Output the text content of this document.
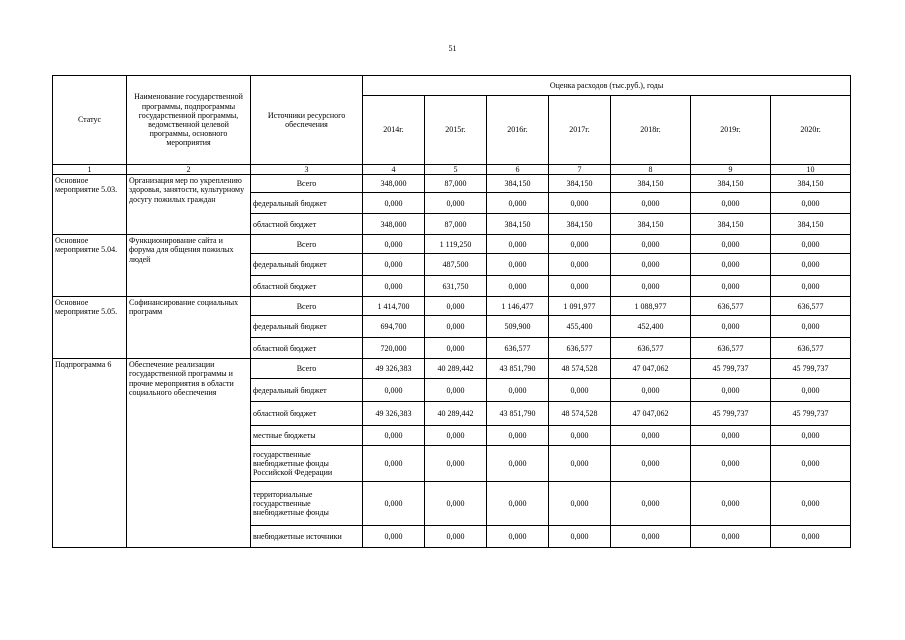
51
Статус	Наименование государственной программы, подпрограммы государственной программы, ведомственной целевой программы, основного мероприятия	Источники ресурсного обеспечения	Оценка расходов (тыс.руб.), годы						
			2014г.	2015г.	2016г.	2017г.	2018г.	2019г.	2020г.
1	2	3	4	5	6	7	8	9	10
Основное мероприятие 5.03.	Организация мер по укреплению здоровья, занятости, культурному досугу пожилых граждан	Всего	348,000	87,000	384,150	384,150	384,150	384,150	384,150
		федеральный бюджет	0,000	0,000	0,000	0,000	0,000	0,000	0,000
		областной бюджет	348,000	87,000	384,150	384,150	384,150	384,150	384,150
Основное мероприятие 5.04.	Функционирование сайта и форума для общения пожилых людей	Всего	0,000	1 119,250	0,000	0,000	0,000	0,000	0,000
		федеральный бюджет	0,000	487,500	0,000	0,000	0,000	0,000	0,000
		областной бюджет	0,000	631,750	0,000	0,000	0,000	0,000	0,000
Основное мероприятие 5.05.	Софинансирование социальных программ	Всего	1 414,700	0,000	1 146,477	1 091,977	1 088,977	636,577	636,577
		федеральный бюджет	694,700	0,000	509,900	455,400	452,400	0,000	0,000
		областной бюджет	720,000	0,000	636,577	636,577	636,577	636,577	636,577
Подпрограмма 6	Обеспечение реализации государственной программы и прочие мероприятия в области социального обеспечения	Всего	49 326,383	40 289,442	43 851,790	48 574,528	47 047,062	45 799,737	45 799,737
		федеральный бюджет	0,000	0,000	0,000	0,000	0,000	0,000	0,000
		областной бюджет	49 326,383	40 289,442	43 851,790	48 574,528	47 047,062	45 799,737	45 799,737
		местные бюджеты	0,000	0,000	0,000	0,000	0,000	0,000	0,000
		государственные внебюджетные фонды Российской Федерации	0,000	0,000	0,000	0,000	0,000	0,000	0,000
		территориальные государственные внебюджетные фонды	0,000	0,000	0,000	0,000	0,000	0,000	0,000
		внебюджетные источники	0,000	0,000	0,000	0,000	0,000	0,000	0,000
